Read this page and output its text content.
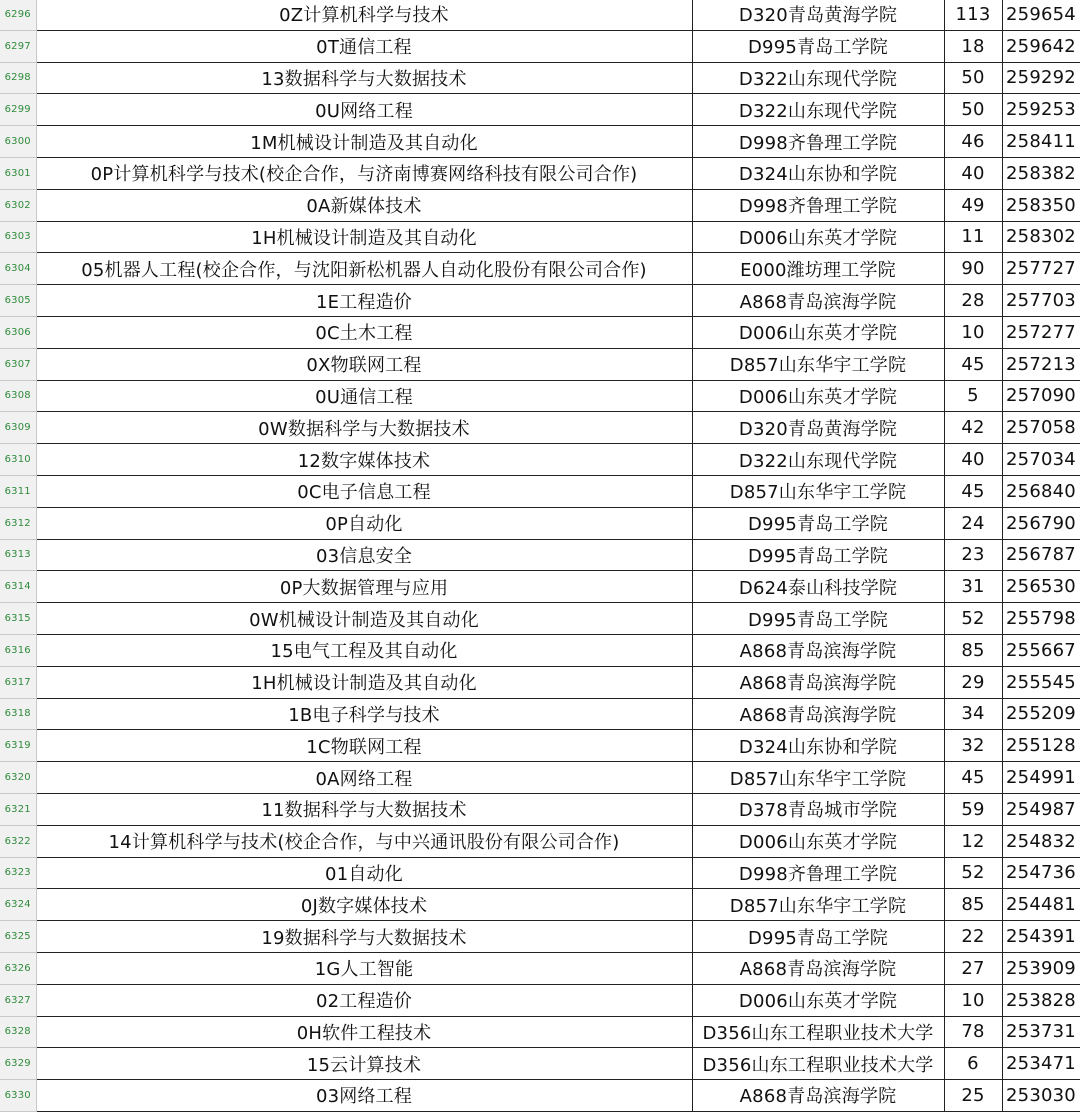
6296	0Z计算机科学与技术	D320青岛黄海学院	113	259654
6297	0T通信工程	D995青岛工学院	18	259642
6298	13数据科学与大数据技术	D322山东现代学院	50	259292
6299	0U网络工程	D322山东现代学院	50	259253
6300	1M机械设计制造及其自动化	D998齐鲁理工学院	46	258411
6301	0P计算机科学与技术(校企合作，与济南博赛网络科技有限公司合作)	D324山东协和学院	40	258382
6302	0A新媒体技术	D998齐鲁理工学院	49	258350
6303	1H机械设计制造及其自动化	D006山东英才学院	11	258302
6304	05机器人工程(校企合作，与沈阳新松机器人自动化股份有限公司合作)	E000潍坊理工学院	90	257727
6305	1E工程造价	A868青岛滨海学院	28	257703
6306	0C土木工程	D006山东英才学院	10	257277
6307	0X物联网工程	D857山东华宇工学院	45	257213
6308	0U通信工程	D006山东英才学院	5	257090
6309	0W数据科学与大数据技术	D320青岛黄海学院	42	257058
6310	12数字媒体技术	D322山东现代学院	40	257034
6311	0C电子信息工程	D857山东华宇工学院	45	256840
6312	0P自动化	D995青岛工学院	24	256790
6313	03信息安全	D995青岛工学院	23	256787
6314	0P大数据管理与应用	D624泰山科技学院	31	256530
6315	0W机械设计制造及其自动化	D995青岛工学院	52	255798
6316	15电气工程及其自动化	A868青岛滨海学院	85	255667
6317	1H机械设计制造及其自动化	A868青岛滨海学院	29	255545
6318	1B电子科学与技术	A868青岛滨海学院	34	255209
6319	1C物联网工程	D324山东协和学院	32	255128
6320	0A网络工程	D857山东华宇工学院	45	254991
6321	11数据科学与大数据技术	D378青岛城市学院	59	254987
6322	14计算机科学与技术(校企合作，与中兴通讯股份有限公司合作)	D006山东英才学院	12	254832
6323	01自动化	D998齐鲁理工学院	52	254736
6324	0J数字媒体技术	D857山东华宇工学院	85	254481
6325	19数据科学与大数据技术	D995青岛工学院	22	254391
6326	1G人工智能	A868青岛滨海学院	27	253909
6327	02工程造价	D006山东英才学院	10	253828
6328	0H软件工程技术	D356山东工程职业技术大学	78	253731
6329	15云计算技术	D356山东工程职业技术大学	6	253471
6330	03网络工程	A868青岛滨海学院	25	253030
